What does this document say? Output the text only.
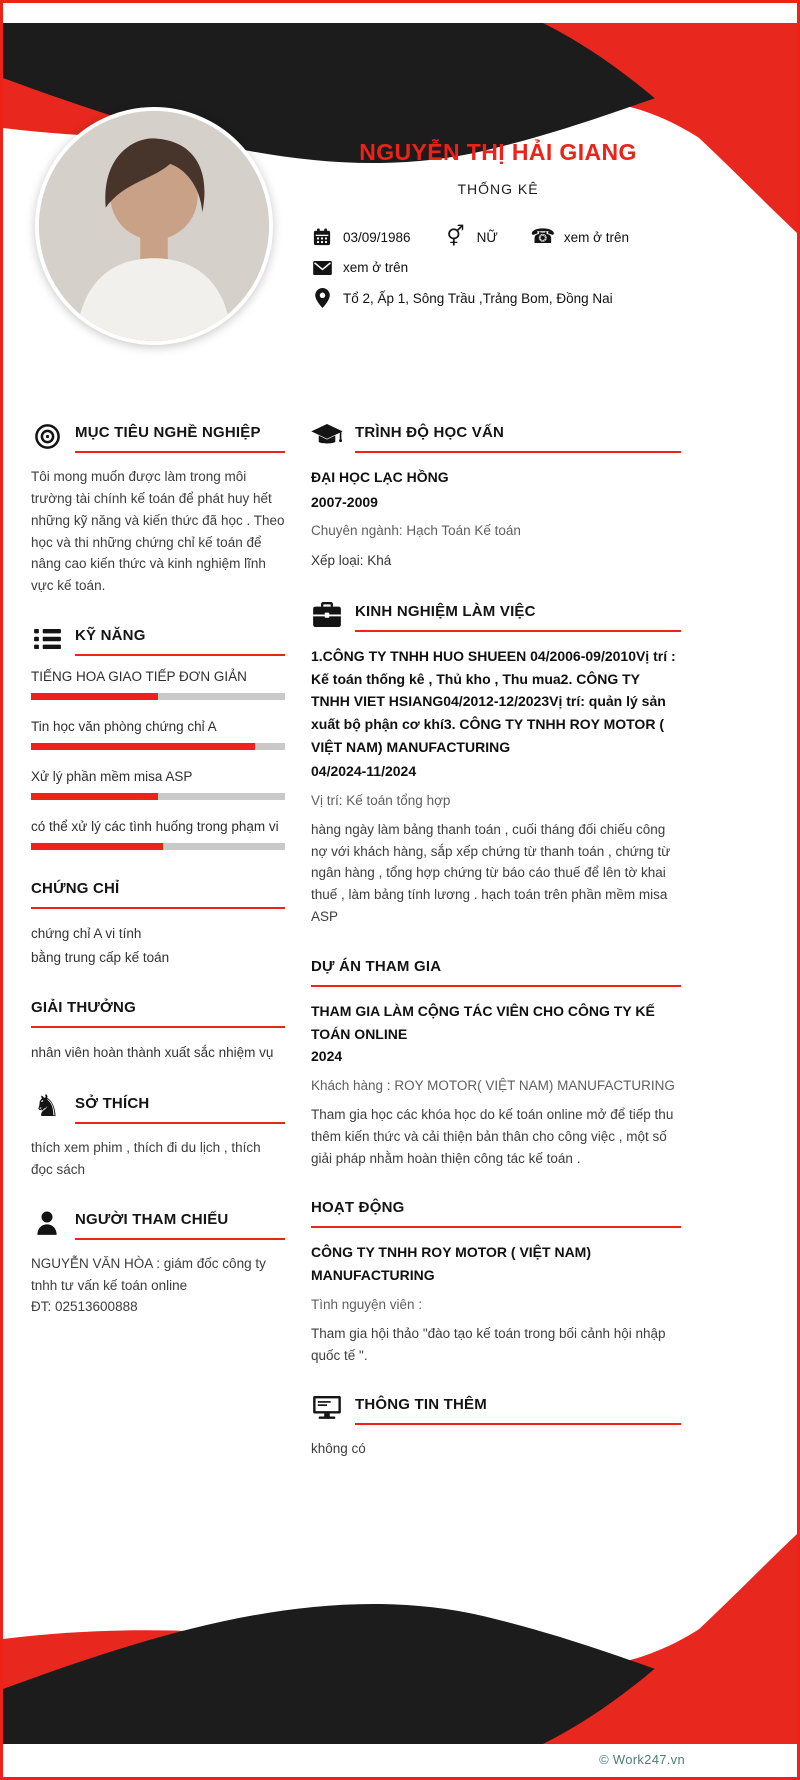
NGUYỄN THỊ HẢI GIANG
THỐNG KÊ
03/09/1986 ⚥ NỮ ☎ xem ở trên
xem ở trên
Tổ 2, Ấp 1, Sông Trầu ,Trảng Bom, Đồng Nai
MỤC TIÊU NGHỀ NGHIỆP

Tôi mong muốn được làm trong môi trường tài chính kế toán để phát huy hết những kỹ năng và kiến thức đã học . Theo học và thi những chứng chỉ kế toán để nâng cao kiến thức và kinh nghiệm lĩnh vực kế toán.

KỸ NĂNG
TIẾNG HOA GIAO TIẾP ĐƠN GIẢN
Tin học văn phòng chứng chỉ A
Xử lý phần mềm misa ASP
có thể xử lý các tình huống trong phạm vi
CHỨNG CHỈ

chứng chỉ A vi tính

bằng trung cấp kế toán

GIẢI THƯỞNG

nhân viên hoàn thành xuất sắc nhiệm vụ

♞ SỞ THÍCH

thích xem phim , thích đi du lịch , thích đọc sách

NGƯỜI THAM CHIẾU

NGUYỄN VĂN HÒA : giám đốc công ty tnhh tư vấn kế toán online

ĐT: 02513600888

TRÌNH ĐỘ HỌC VẤN

ĐẠI HỌC LẠC HỒNG

2007-2009

Chuyên ngành: Hạch Toán Kế toán

Xếp loại: Khá

KINH NGHIỆM LÀM VIỆC

1.CÔNG TY TNHH HUO SHUEEN 04/2006-09/2010Vị trí : Kế toán thống kê , Thủ kho , Thu mua2. CÔNG TY TNHH VIET HSIANG04/2012-12/2023Vị trí: quản lý sản xuất bộ phận cơ khí3. CÔNG TY TNHH ROY MOTOR ( VIỆT NAM) MANUFACTURING

04/2024-11/2024

Vị trí: Kế toán tổng hợp

hàng ngày làm bảng thanh toán , cuối tháng đối chiếu công nợ với khách hàng, sắp xếp chứng từ thanh toán , chứng từ ngân hàng , tổng hợp chứng từ báo cáo thuế để lên tờ khai thuế , làm bảng tính lương . hạch toán trên phần mềm misa ASP

DỰ ÁN THAM GIA

THAM GIA LÀM CỘNG TÁC VIÊN CHO CÔNG TY KẾ TOÁN ONLINE

2024

Khách hàng : ROY MOTOR( VIỆT NAM) MANUFACTURING

Tham gia học các khóa học do kế toán online mở để tiếp thu thêm kiến thức và cải thiện bản thân cho công việc , một số giải pháp nhằm hoàn thiện công tác kế toán .

HOẠT ĐỘNG

CÔNG TY TNHH ROY MOTOR ( VIỆT NAM) MANUFACTURING

Tình nguyện viên :

Tham gia hội thảo "đào tạo kế toán trong bối cảnh hội nhập quốc tế ".

THÔNG TIN THÊM

không có

© Work247.vn
